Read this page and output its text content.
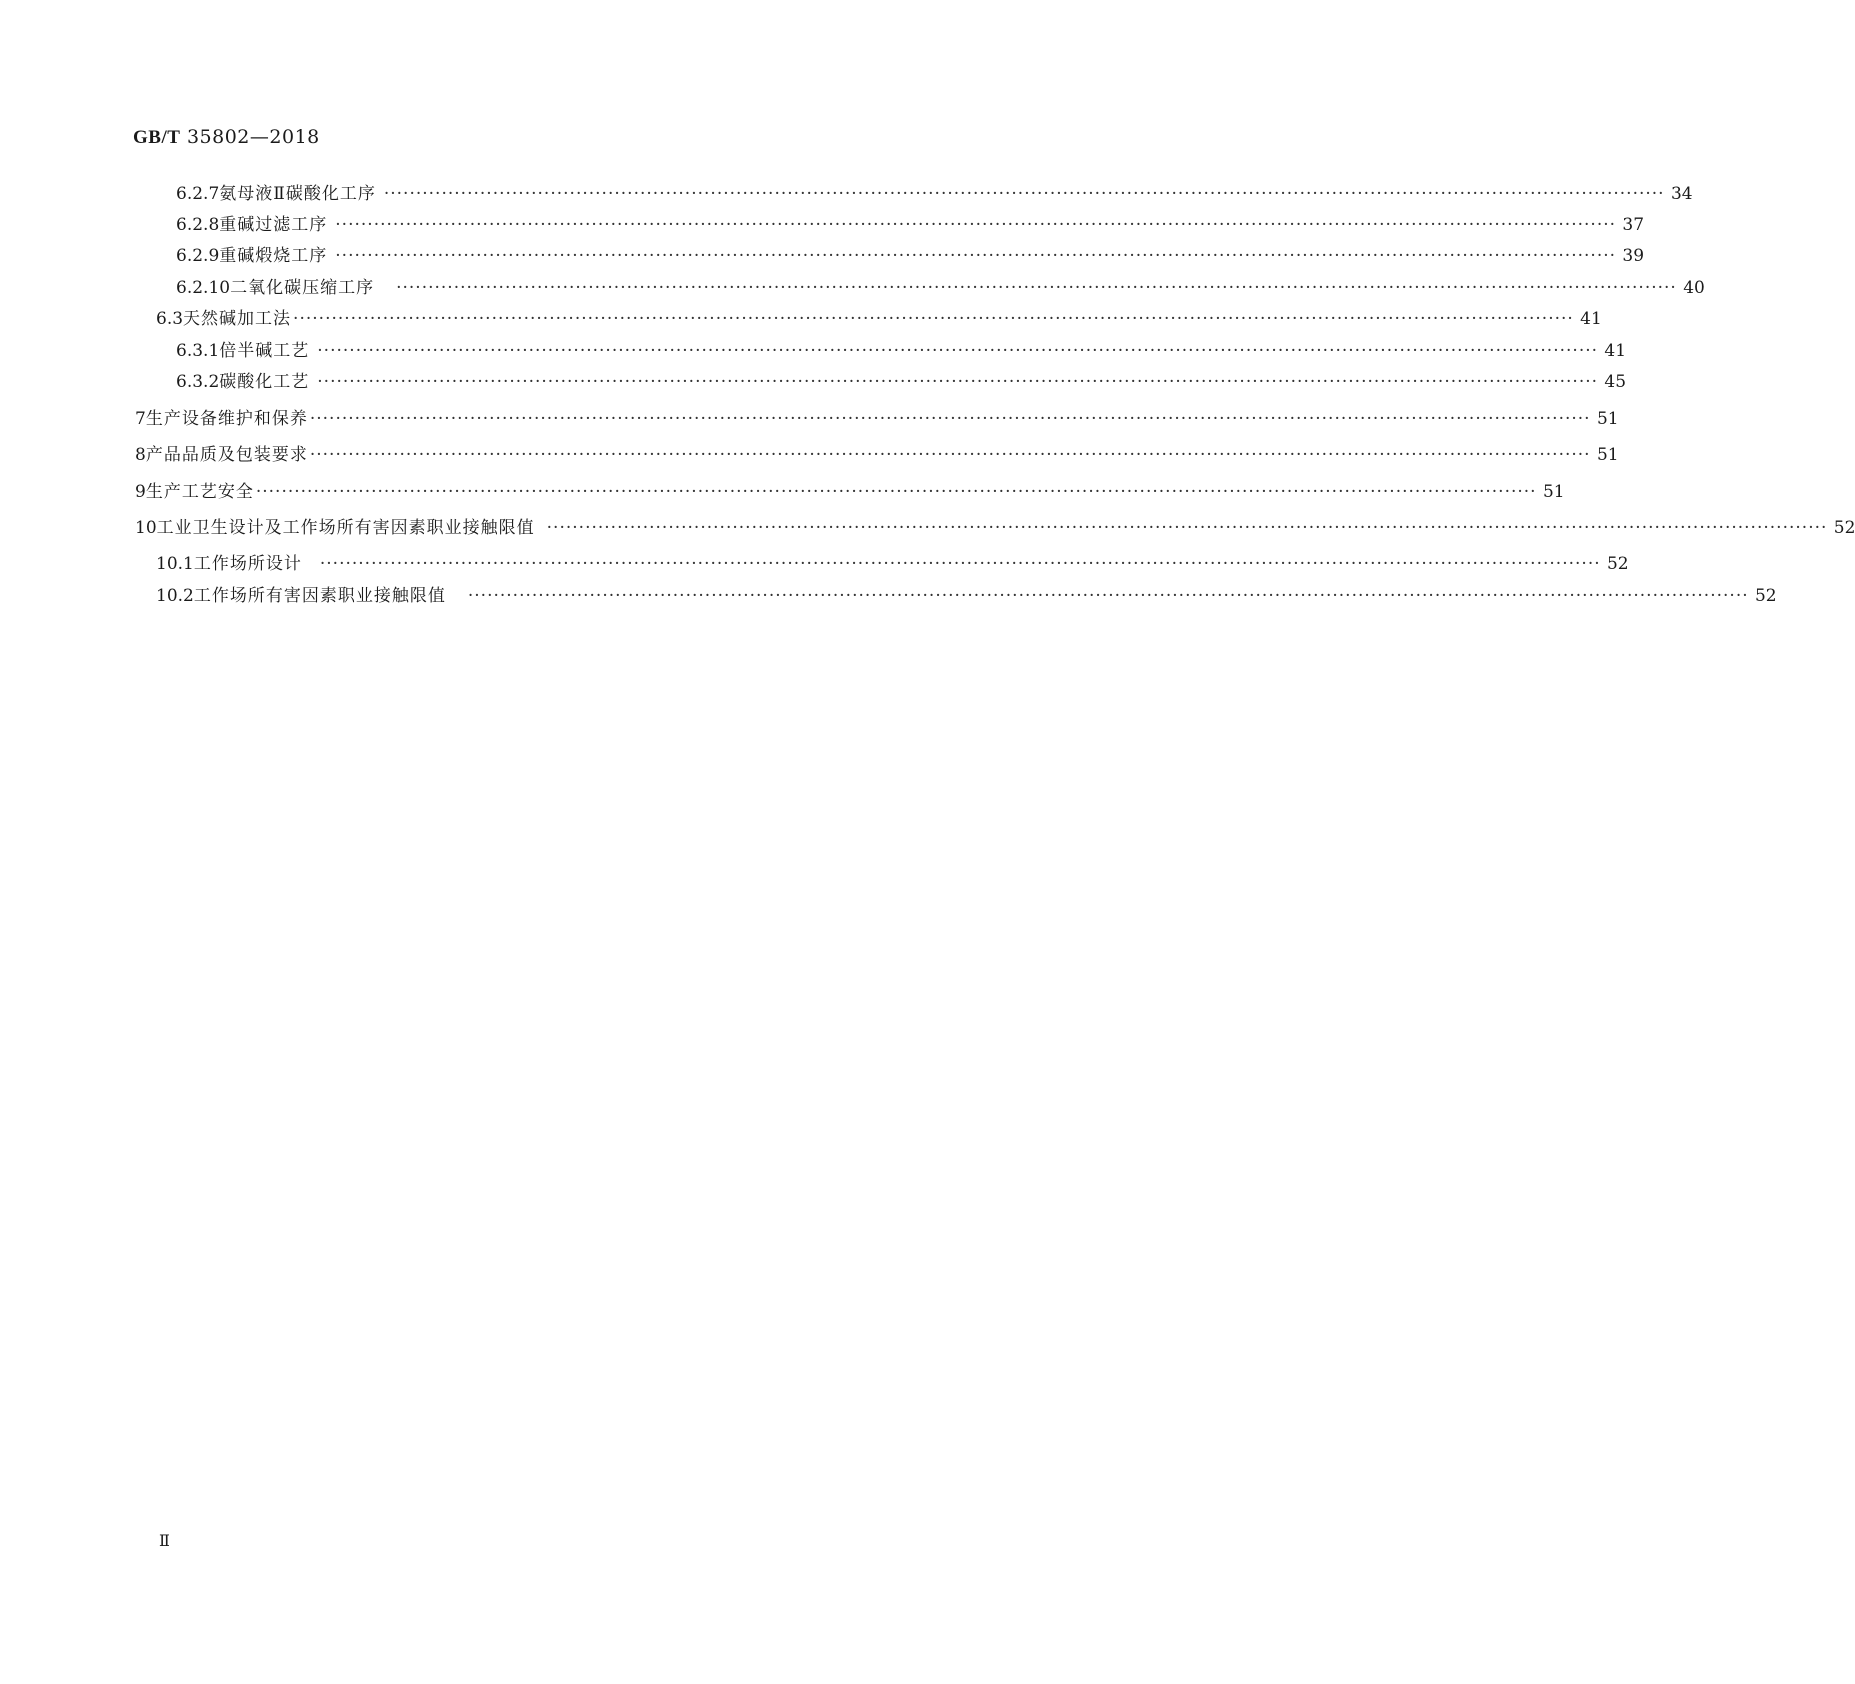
GB/T 35802—2018
6.2.7 氨母液Ⅱ碳酸化工序 ········································································································································································································ 34
6.2.8 重碱过滤工序 ········································································································································································································ 37
6.2.9 重碱煅烧工序 ········································································································································································································ 39
6.2.10 二氧化碳压缩工序 ········································································································································································································ 40
6.3 天然碱加工法 ········································································································································································································ 41
6.3.1 倍半碱工艺 ········································································································································································································ 41
6.3.2 碳酸化工艺 ········································································································································································································ 45
7 生产设备维护和保养 ········································································································································································································ 51
8 产品品质及包装要求 ········································································································································································································ 51
9 生产工艺安全 ········································································································································································································ 51
10 工业卫生设计及工作场所有害因素职业接触限值 ········································································································································································································ 52
10.1 工作场所设计 ········································································································································································································ 52
10.2 工作场所有害因素职业接触限值 ········································································································································································································ 52
Ⅱ
